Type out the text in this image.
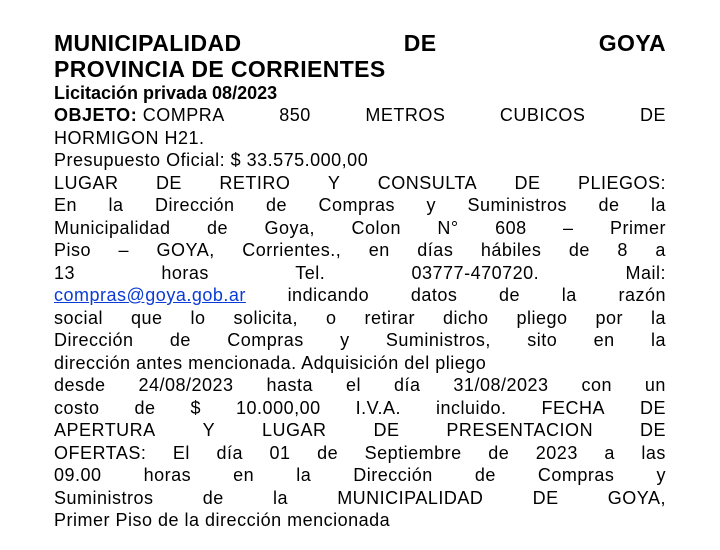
MUNICIPALIDAD	DE	GOYA
PROVINCIA DE CORRIENTES
Licitación privada 08/2023
OBJETO: COMPRA	850	METROS	CUBICOS	DE
HORMIGON H21.
Presupuesto Oficial: $ 33.575.000,00
LUGAR DE RETIRO Y CONSULTA DE PLIEGOS:
En la Dirección de Compras y Suministros de la
Municipalidad de Goya, Colon N° 608 – Primer
Piso – GOYA, Corrientes., en días hábiles de 8 a
13	horas	Tel.	03777-470720.	Mail:
compras@goya.gob.ar indicando datos de la razón
social que lo solicita, o retirar dicho pliego por la
Dirección de Compras y Suministros, sito en la
dirección antes mencionada. Adquisición del pliego
desde 24/08/2023 hasta el día 31/08/2023 con un
costo de $ 10.000,00 I.V.A. incluido. FECHA DE
APERTURA	Y	LUGAR	DE	PRESENTACION	DE
OFERTAS: El día 01 de Septiembre de 2023 a las
09.00 horas en la Dirección de Compras y
Suministros	de	la	MUNICIPALIDAD	DE	GOYA,
Primer Piso de la dirección mencionada
